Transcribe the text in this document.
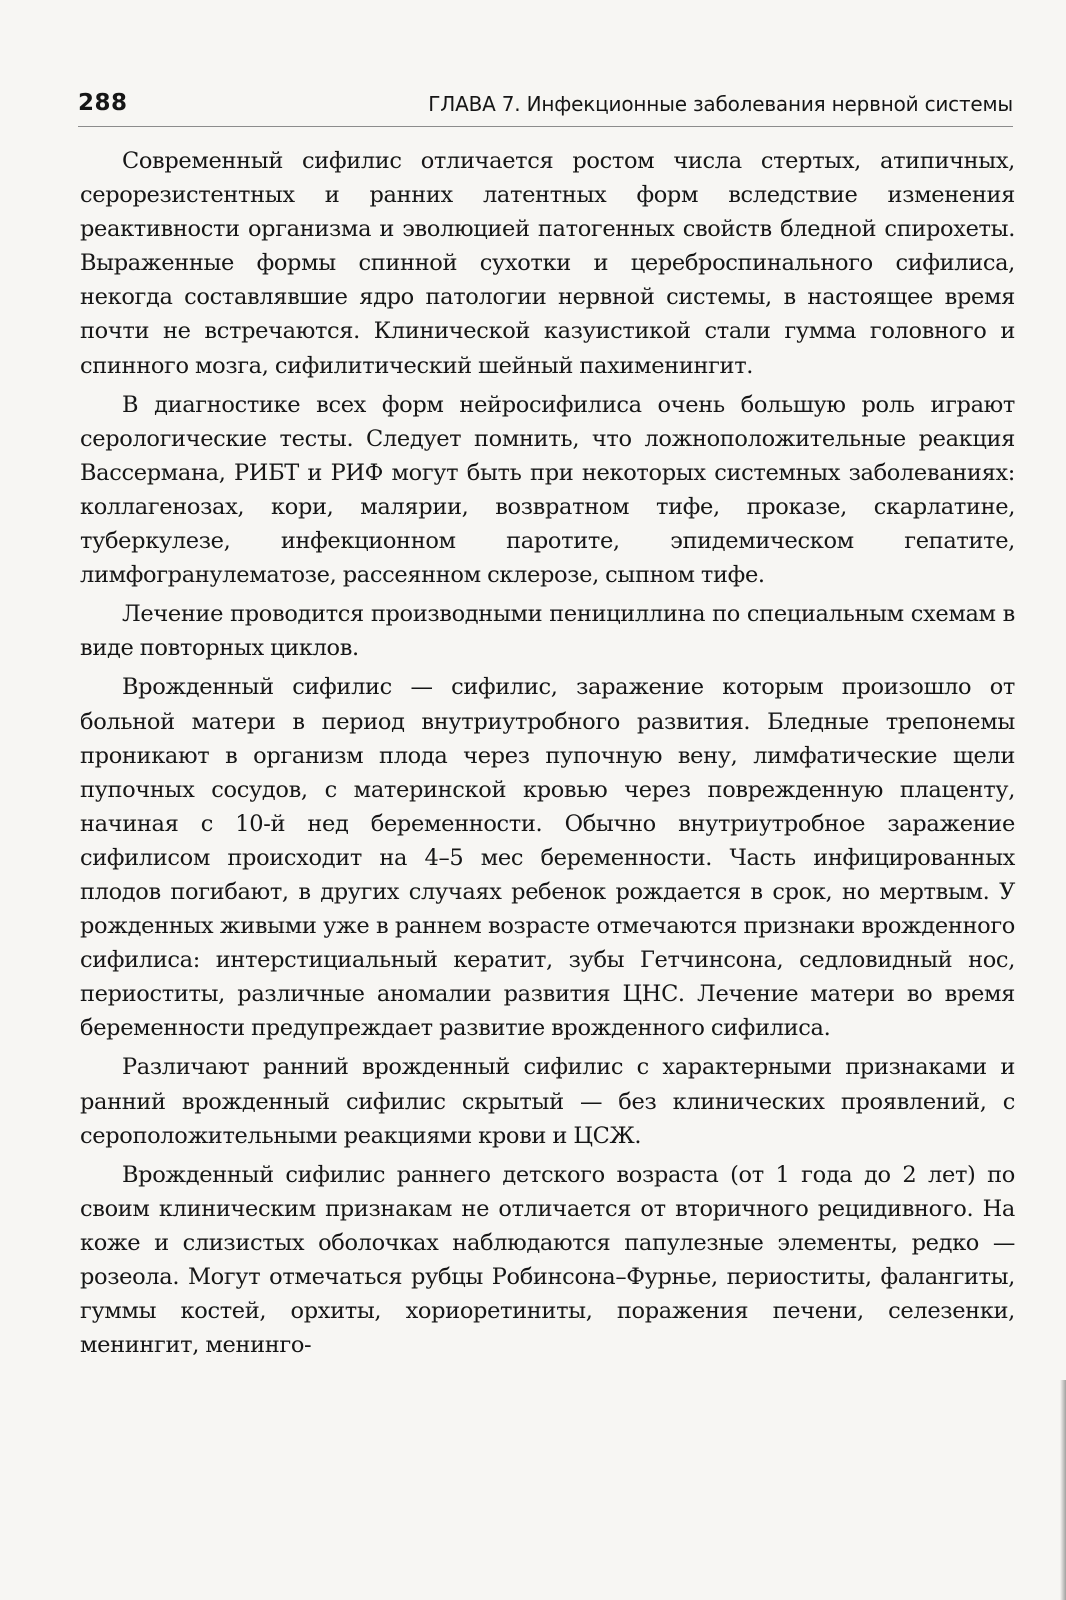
288	ГЛАВА 7. Инфекционные заболевания нервной системы

Современный сифилис отличается ростом числа стертых, атипичных, серорезистентных и ранних латентных форм вследствие изменения реактивности организма и эволюцией патогенных свойств бледной спирохеты. Выраженные формы спинной сухотки и цереброспинального сифилиса, некогда составлявшие ядро патологии нервной системы, в настоящее время почти не встречаются. Клинической казуистикой стали гумма головного и спинного мозга, сифилитический шейный пахименингит.

В диагностике всех форм нейросифилиса очень большую роль играют серологические тесты. Следует помнить, что ложноположительные реакция Вассермана, РИБТ и РИФ могут быть при некоторых системных заболеваниях: коллагенозах, кори, малярии, возвратном тифе, проказе, скарлатине, туберкулезе, инфекционном паротите, эпидемическом гепатите, лимфогранулематозе, рассеянном склерозе, сыпном тифе.

Лечение проводится производными пенициллина по специальным схемам в виде повторных циклов.

Врожденный сифилис — сифилис, заражение которым произошло от больной матери в период внутриутробного развития. Бледные трепонемы проникают в организм плода через пупочную вену, лимфатические щели пупочных сосудов, с материнской кровью через поврежденную плаценту, начиная с 10-й нед беременности. Обычно внутриутробное заражение сифилисом происходит на 4–5 мес беременности. Часть инфицированных плодов погибают, в других случаях ребенок рождается в срок, но мертвым. У рожденных живыми уже в раннем возрасте отмечаются признаки врожденного сифилиса: интерстициальный кератит, зубы Гетчинсона, седловидный нос, периоститы, различные аномалии развития ЦНС. Лечение матери во время беременности предупреждает развитие врожденного сифилиса.

Различают ранний врожденный сифилис с характерными признаками и ранний врожденный сифилис скрытый — без клинических проявлений, с сероположительными реакциями крови и ЦСЖ.

Врожденный сифилис раннего детского возраста (от 1 года до 2 лет) по своим клиническим признакам не отличается от вторичного рецидивного. На коже и слизистых оболочках наблюдаются папулезные элементы, редко — розеола. Могут отмечаться рубцы Робинсона–Фурнье, периоститы, фалангиты, гуммы костей, орхиты, хориоретиниты, поражения печени, селезенки, менингит, менинго-
